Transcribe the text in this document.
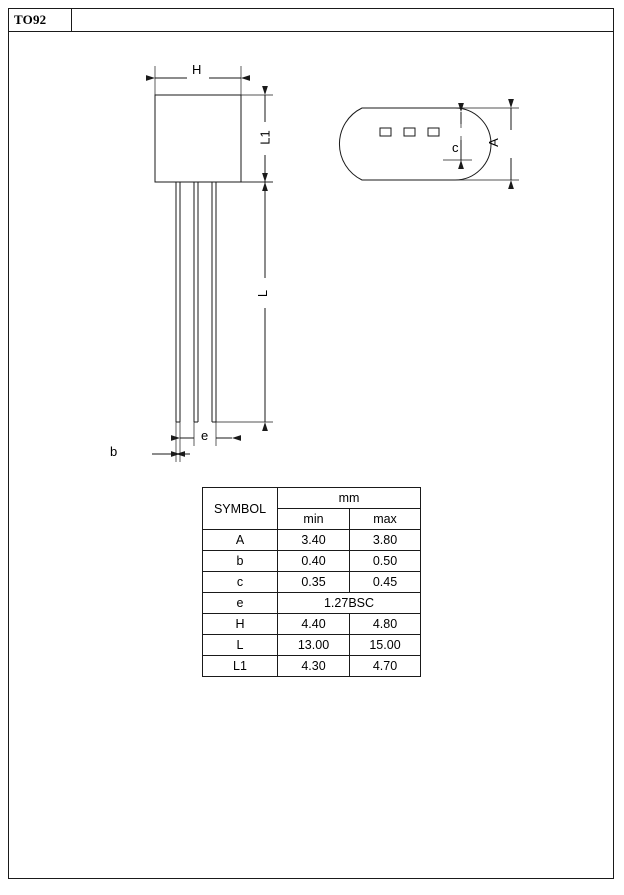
TO92
H
L1
L
b
e
A
c
SYMBOL	mm	
	min	max
A	3.40	3.80
b	0.40	0.50
c	0.35	0.45
e	1.27BSC	
H	4.40	4.80
L	13.00	15.00
L1	4.30	4.70
